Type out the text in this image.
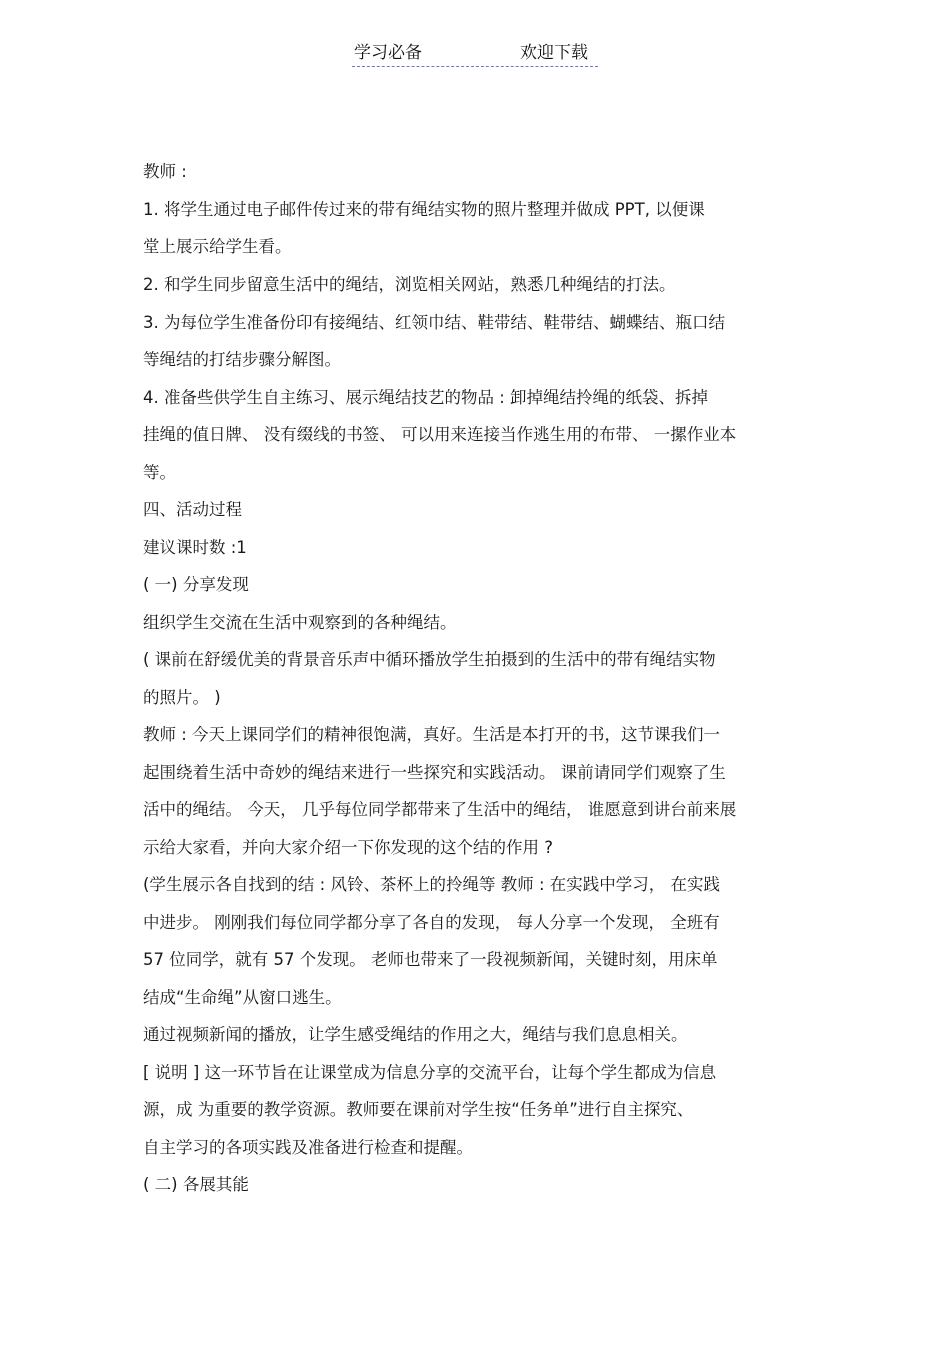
学习必备	欢迎下载
教师 :
1. 将学生通过电子邮件传过来的带有绳结实物的照片整理并做成 PPT, 以便课
堂上展示给学生看。
2. 和学生同步留意生活中的绳结，浏览相关网站，熟悉几种绳结的打法。
3. 为每位学生准备份印有接绳结、红领巾结、鞋带结、鞋带结、蝴蝶结、瓶口结
等绳结的打结步骤分解图。
4. 准备些供学生自主练习、展示绳结技艺的物品 : 卸掉绳结拎绳的纸袋、拆掉
挂绳的值日牌、 没有缀线的书签、 可以用来连接当作逃生用的布带、 一摞作业本
等。
四、活动过程
建议课时数 :1
( 一) 分享发现
组织学生交流在生活中观察到的各种绳结。
( 课前在舒缓优美的背景音乐声中循环播放学生拍摄到的生活中的带有绳结实物
的照片。 )
教师 : 今天上课同学们的精神很饱满，真好。生活是本打开的书，这节课我们一
起围绕着生活中奇妙的绳结来进行一些探究和实践活动。 课前请同学们观察了生
活中的绳结。 今天， 几乎每位同学都带来了生活中的绳结， 谁愿意到讲台前来展
示给大家看，并向大家介绍一下你发现的这个结的作用 ?
(学生展示各自找到的结 : 风铃、茶杯上的拎绳等 教师 : 在实践中学习， 在实践
中进步。 刚刚我们每位同学都分享了各自的发现， 每人分享一个发现， 全班有
57 位同学，就有 57 个发现。 老师也带来了一段视频新闻，关键时刻，用床单
结成“生命绳”从窗口逃生。
通过视频新闻的播放，让学生感受绳结的作用之大，绳结与我们息息相关。
[ 说明 ] 这一环节旨在让课堂成为信息分享的交流平台，让每个学生都成为信息
源，成 为重要的教学资源。教师要在课前对学生按“任务单”进行自主探究、
自主学习的各项实践及准备进行检查和提醒。
( 二) 各展其能
